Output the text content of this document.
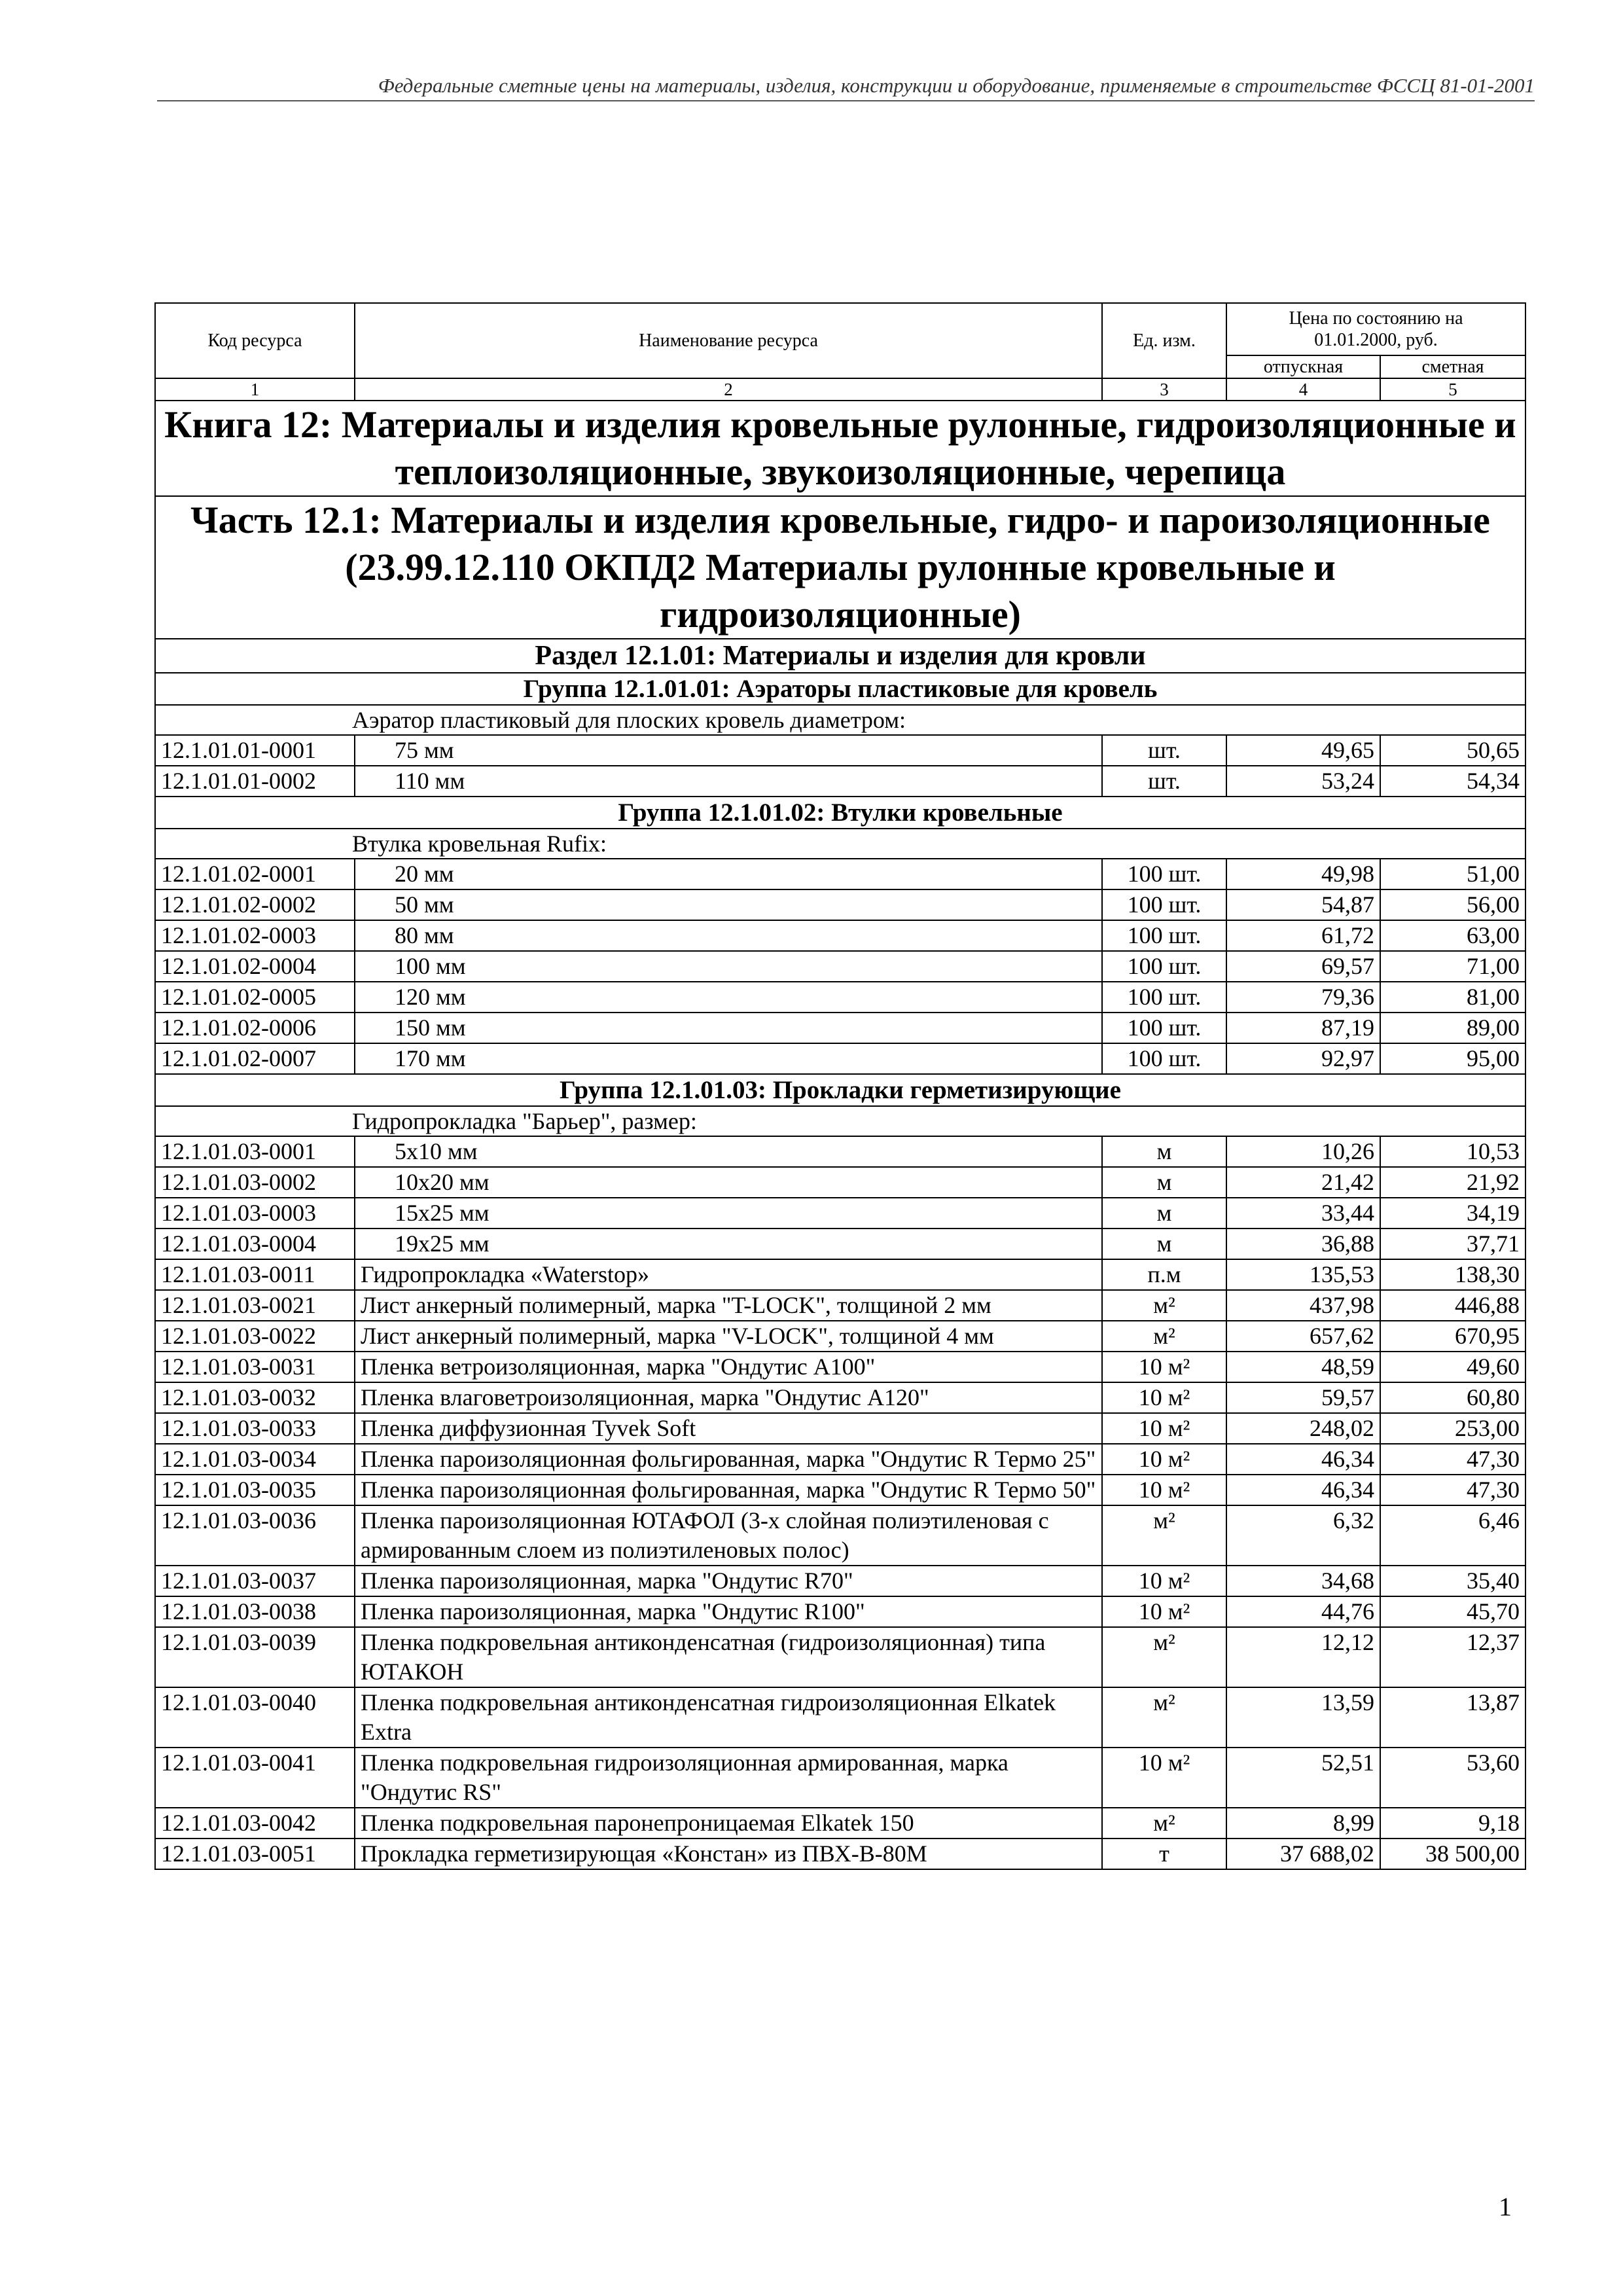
Федеральные сметные цены на материалы, изделия, конструкции и оборудование, применяемые в строительстве ФССЦ 81-01-2001
Код ресурса	Наименование ресурса	Ед. изм.	Цена по состоянию на 01.01.2000, руб.	
			отпускная	сметная
1	2	3	4	5
Книга 12: Материалы и изделия кровельные рулонные, гидроизоляционные и теплоизоляционные, звукоизоляционные, черепица				
Часть 12.1: Материалы и изделия кровельные, гидро- и пароизоляционные (23.99.12.110 ОКПД2 Материалы рулонные кровельные и гидроизоляционные)				
Раздел 12.1.01: Материалы и изделия для кровли				
Группа 12.1.01.01: Аэраторы пластиковые для кровель				
Аэратор пластиковый для плоских кровель диаметром:				
12.1.01.01-0001	75 мм	шт.	49,65	50,65
12.1.01.01-0002	110 мм	шт.	53,24	54,34
Группа 12.1.01.02: Втулки кровельные				
Втулка кровельная Rufix:				
12.1.01.02-0001	20 мм	100 шт.	49,98	51,00
12.1.01.02-0002	50 мм	100 шт.	54,87	56,00
12.1.01.02-0003	80 мм	100 шт.	61,72	63,00
12.1.01.02-0004	100 мм	100 шт.	69,57	71,00
12.1.01.02-0005	120 мм	100 шт.	79,36	81,00
12.1.01.02-0006	150 мм	100 шт.	87,19	89,00
12.1.01.02-0007	170 мм	100 шт.	92,97	95,00
Группа 12.1.01.03: Прокладки герметизирующие				
Гидропрокладка "Барьер", размер:				
12.1.01.03-0001	5х10 мм	м	10,26	10,53
12.1.01.03-0002	10х20 мм	м	21,42	21,92
12.1.01.03-0003	15х25 мм	м	33,44	34,19
12.1.01.03-0004	19х25 мм	м	36,88	37,71
12.1.01.03-0011	Гидропрокладка «Waterstop»	п.м	135,53	138,30
12.1.01.03-0021	Лист анкерный полимерный, марка "T-LOCK", толщиной 2 мм	м²	437,98	446,88
12.1.01.03-0022	Лист анкерный полимерный, марка "V-LOCK", толщиной 4 мм	м²	657,62	670,95
12.1.01.03-0031	Пленка ветроизоляционная, марка "Ондутис A100"	10 м²	48,59	49,60
12.1.01.03-0032	Пленка влаговетроизоляционная, марка "Ондутис A120"	10 м²	59,57	60,80
12.1.01.03-0033	Пленка диффузионная Tyvek Soft	10 м²	248,02	253,00
12.1.01.03-0034	Пленка пароизоляционная фольгированная, марка "Ондутис R Термо 25"	10 м²	46,34	47,30
12.1.01.03-0035	Пленка пароизоляционная фольгированная, марка "Ондутис R Термо 50"	10 м²	46,34	47,30
12.1.01.03-0036	Пленка пароизоляционная ЮТАФОЛ (3-х слойная полиэтиленовая с армированным слоем из полиэтиленовых полос)	м²	6,32	6,46
12.1.01.03-0037	Пленка пароизоляционная, марка "Ондутис R70"	10 м²	34,68	35,40
12.1.01.03-0038	Пленка пароизоляционная, марка "Ондутис R100"	10 м²	44,76	45,70
12.1.01.03-0039	Пленка подкровельная антиконденсатная (гидроизоляционная) типа ЮТАКОН	м²	12,12	12,37
12.1.01.03-0040	Пленка подкровельная антиконденсатная гидроизоляционная Elkatek Extra	м²	13,59	13,87
12.1.01.03-0041	Пленка подкровельная гидроизоляционная армированная, марка "Ондутис RS"	10 м²	52,51	53,60
12.1.01.03-0042	Пленка подкровельная паронепроницаемая Elkatek 150	м²	8,99	9,18
12.1.01.03-0051	Прокладка герметизирующая «Констан» из ПВХ-В-80М	т	37 688,02	38 500,00
1
